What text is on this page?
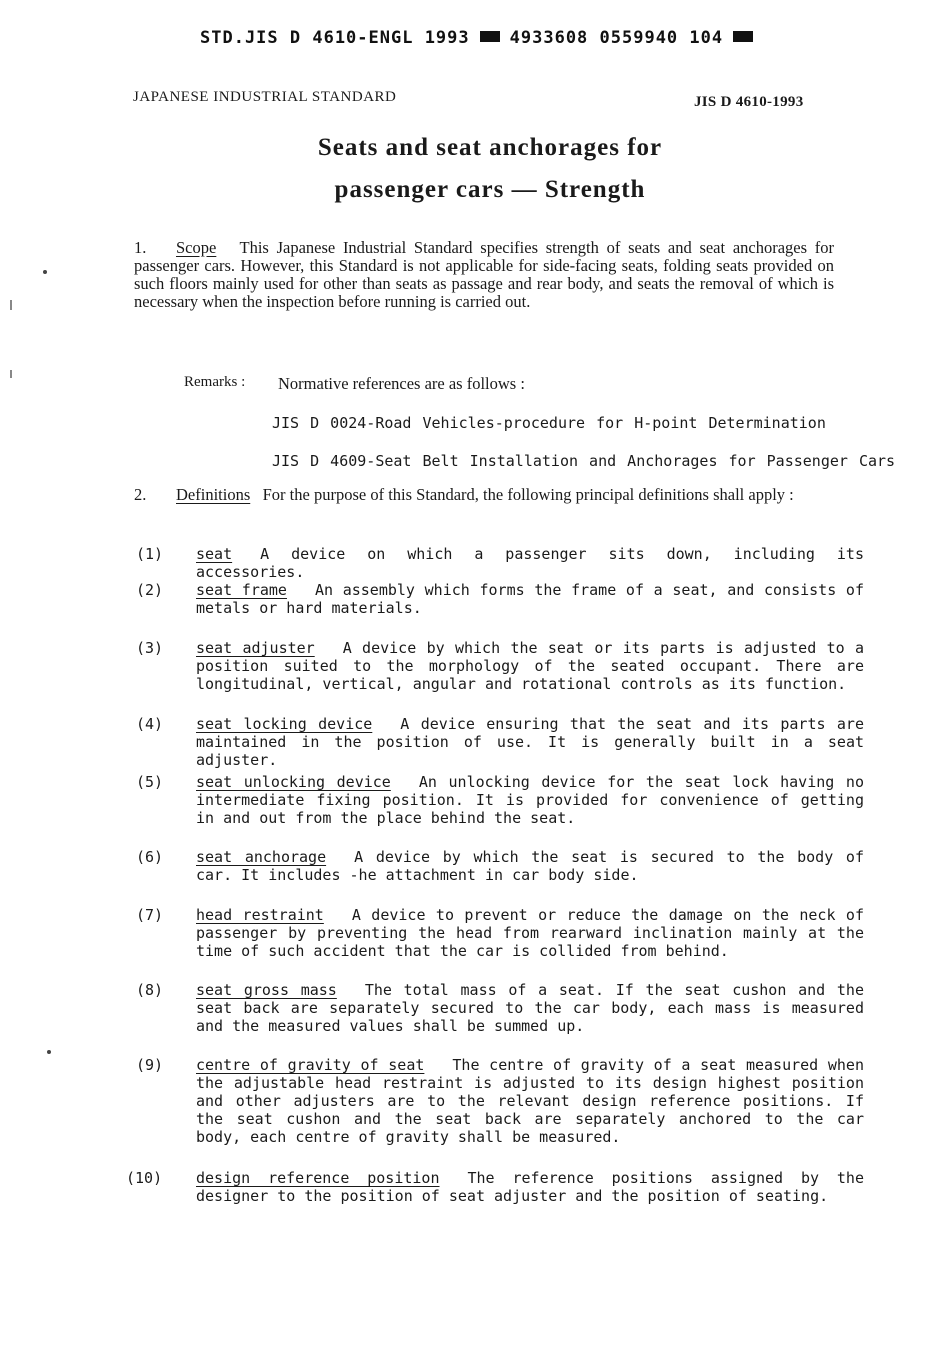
STD.JIS D 4610-ENGL 1993 4933608 0559940 104
JAPANESE INDUSTRIAL STANDARD	JIS D 4610-1993
Seats and seat anchorages for
passenger cars — Strength
1. Scope This Japanese Industrial Standard specifies strength of seats and seat anchorages for passenger cars. However, this Standard is not applicable for side-facing seats, folding seats provided on such floors mainly used for other than seats as passage and rear body, and seats the removal of which is necessary when the inspection before running is carried out.
Remarks : Normative references are as follows :
JIS D 0024-Road Vehicles-procedure for H-point Determination
JIS D 4609-Seat Belt Installation and Anchorages for Passenger Cars
2. Definitions For the purpose of this Standard, the following principal definitions shall apply :
(1) seat A device on which a passenger sits down, including its accessories.
(2) seat frame An assembly which forms the frame of a seat, and consists of metals or hard materials.
(3) seat adjuster A device by which the seat or its parts is adjusted to a position suited to the morphology of the seated occupant. There are longitudinal, vertical, angular and rotational controls as its function.
(4) seat locking device A device ensuring that the seat and its parts are maintained in the position of use. It is generally built in a seat adjuster.
(5) seat unlocking device An unlocking device for the seat lock having no intermediate fixing position. It is provided for convenience of getting in and out from the place behind the seat.
(6) seat anchorage A device by which the seat is secured to the body of car. It includes -he attachment in car body side.
(7) head restraint A device to prevent or reduce the damage on the neck of passenger by preventing the head from rearward inclination mainly at the time of such accident that the car is collided from behind.
(8) seat gross mass The total mass of a seat. If the seat cushon and the seat back are separately secured to the car body, each mass is measured and the measured values shall be summed up.
(9) centre of gravity of seat The centre of gravity of a seat measured when the adjustable head restraint is adjusted to its design highest position and other adjusters are to the relevant design reference positions. If the seat cushon and the seat back are separately anchored to the car body, each centre of gravity shall be measured.
(10) design reference position The reference positions assigned by the designer to the position of seat adjuster and the position of seating.
